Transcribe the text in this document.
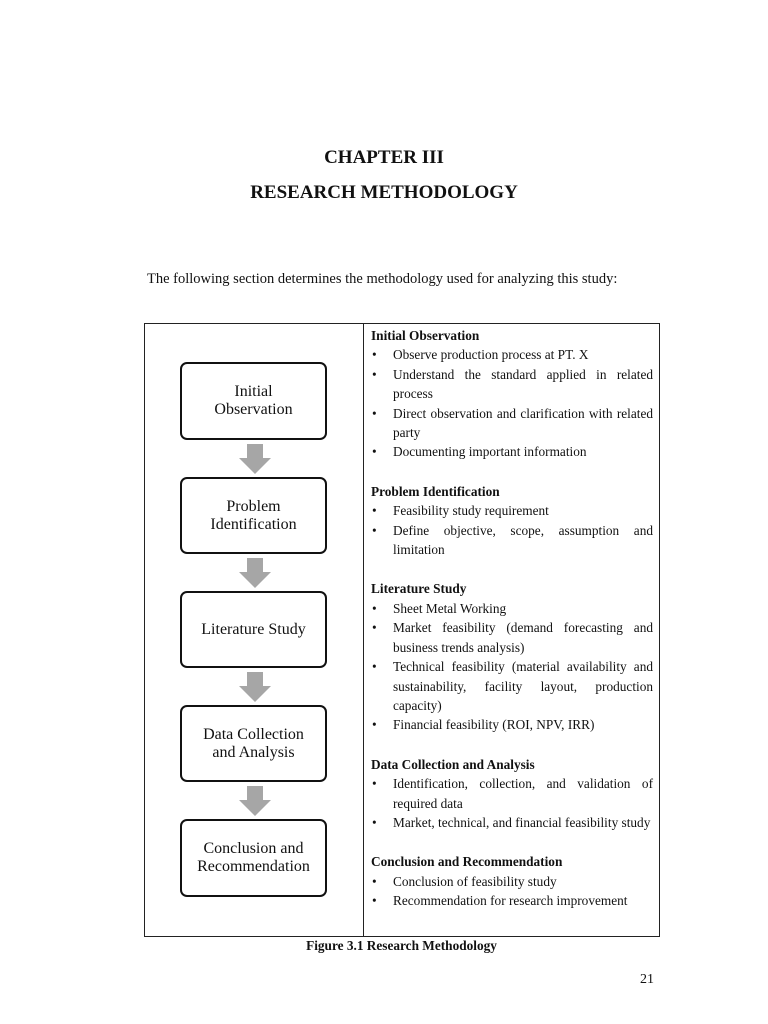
CHAPTER III
RESEARCH METHODOLOGY
The following section determines the methodology used for analyzing this study:
Initial
Observation
Problem
Identification
Literature Study
Data Collection
and Analysis
Conclusion and
Recommendation
Initial Observation
• Observe production process at PT. X
• Understand the standard applied in related process
• Direct observation and clarification with related party
• Documenting important information
Problem Identification
• Feasibility study requirement
• Define objective, scope, assumption and limitation
Literature Study
• Sheet Metal Working
• Market feasibility (demand forecasting and business trends analysis)
• Technical feasibility (material availability and sustainability, facility layout, production capacity)
• Financial feasibility (ROI, NPV, IRR)
Data Collection and Analysis
• Identification, collection, and validation of required data
• Market, technical, and financial feasibility study
Conclusion and Recommendation
• Conclusion of feasibility study
• Recommendation for research improvement
Figure 3.1 Research Methodology
21
